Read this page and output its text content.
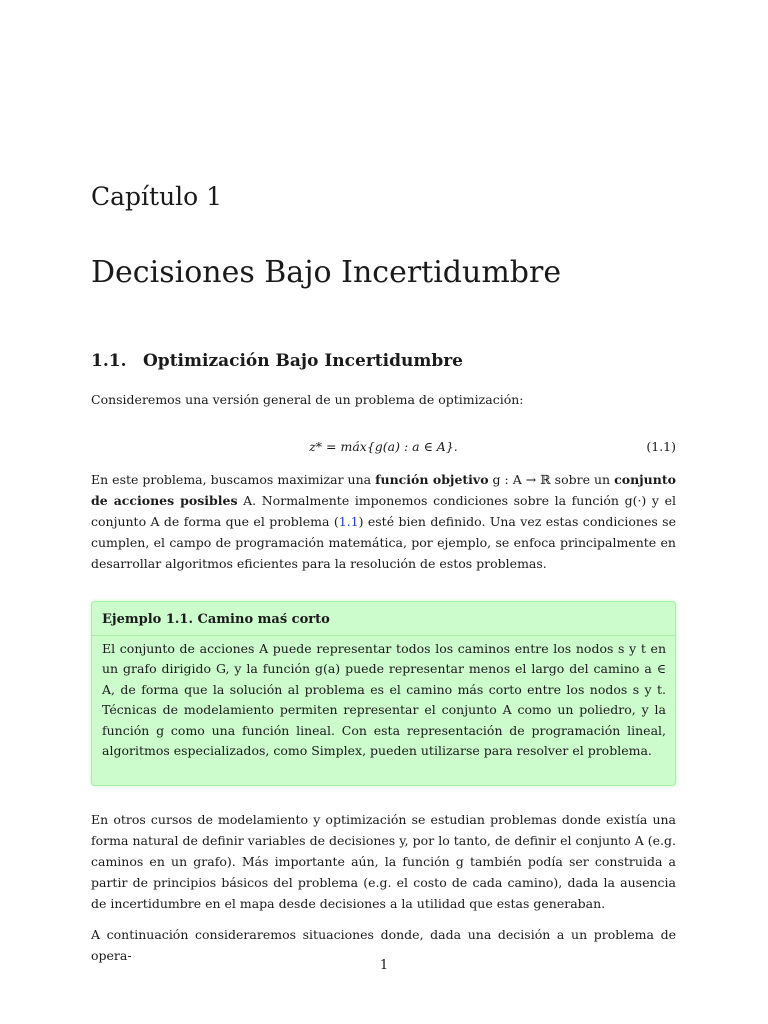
Capítulo 1
Decisiones Bajo Incertidumbre
1.1. Optimización Bajo Incertidumbre
Consideremos una versión general de un problema de optimización:
z* = máx{g(a) : a ∈ A}.	(1.1)
En este problema, buscamos maximizar una función objetivo g : A → ℝ sobre un conjunto de acciones posibles A. Normalmente imponemos condiciones sobre la función g(·) y el conjunto A de forma que el problema (1.1) esté bien definido. Una vez estas condiciones se cumplen, el campo de programación matemática, por ejemplo, se enfoca principalmente en desarrollar algoritmos eficientes para la resolución de estos problemas.
Ejemplo 1.1. Camino maś corto
El conjunto de acciones A puede representar todos los caminos entre los nodos s y t en un grafo dirigido G, y la función g(a) puede representar menos el largo del camino a ∈ A, de forma que la solución al problema es el camino más corto entre los nodos s y t. Técnicas de modelamiento permiten representar el conjunto A como un poliedro, y la función g como una función lineal. Con esta representación de programación lineal, algoritmos especializados, como Simplex, pueden utilizarse para resolver el problema.
En otros cursos de modelamiento y optimización se estudian problemas donde existía una forma natural de definir variables de decisiones y, por lo tanto, de definir el conjunto A (e.g. caminos en un grafo). Más importante aún, la función g también podía ser construida a partir de principios básicos del problema (e.g. el costo de cada camino), dada la ausencia de incertidumbre en el mapa desde decisiones a la utilidad que estas generaban.
A continuación consideraremos situaciones donde, dada una decisión a un problema de opera-
1
